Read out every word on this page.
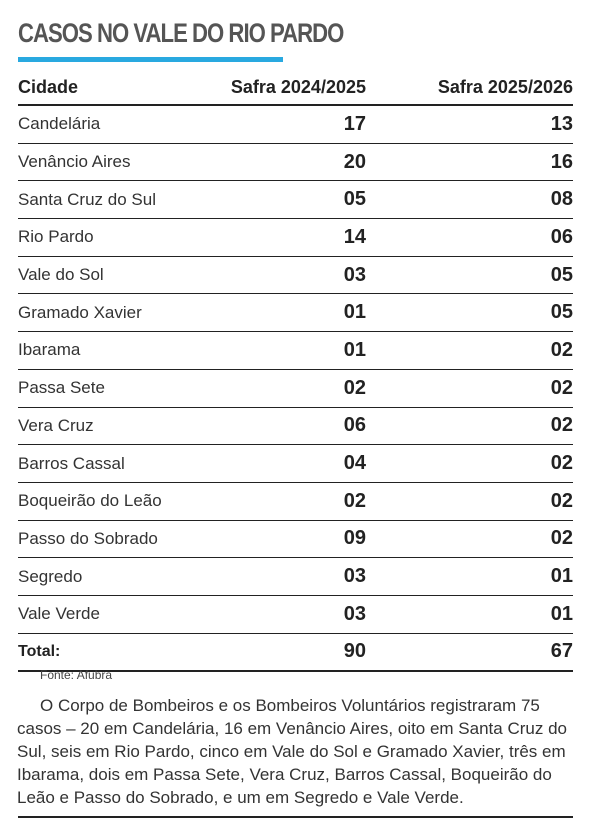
CASOS NO VALE DO RIO PARDO
Cidade	Safra 2024/2025	Safra 2025/2026
Candelária	17	13
Venâncio Aires	20	16
Santa Cruz do Sul	05	08
Rio Pardo	14	06
Vale do Sol	03	05
Gramado Xavier	01	05
Ibarama	01	02
Passa Sete	02	02
Vera Cruz	06	02
Barros Cassal	04	02
Boqueirão do Leão	02	02
Passo do Sobrado	09	02
Segredo	03	01
Vale Verde	03	01
Total:	90	67
Fonte: Afubra
O Corpo de Bombeiros e os Bombeiros Voluntários registraram 75 casos – 20 em Candelária, 16 em Venâncio Aires, oito em Santa Cruz do Sul, seis em Rio Pardo, cinco em Vale do Sol e Gramado Xavier, três em Ibarama, dois em Passa Sete, Vera Cruz, Barros Cassal, Boqueirão do Leão e Passo do Sobrado, e um em Segredo e Vale Verde.
